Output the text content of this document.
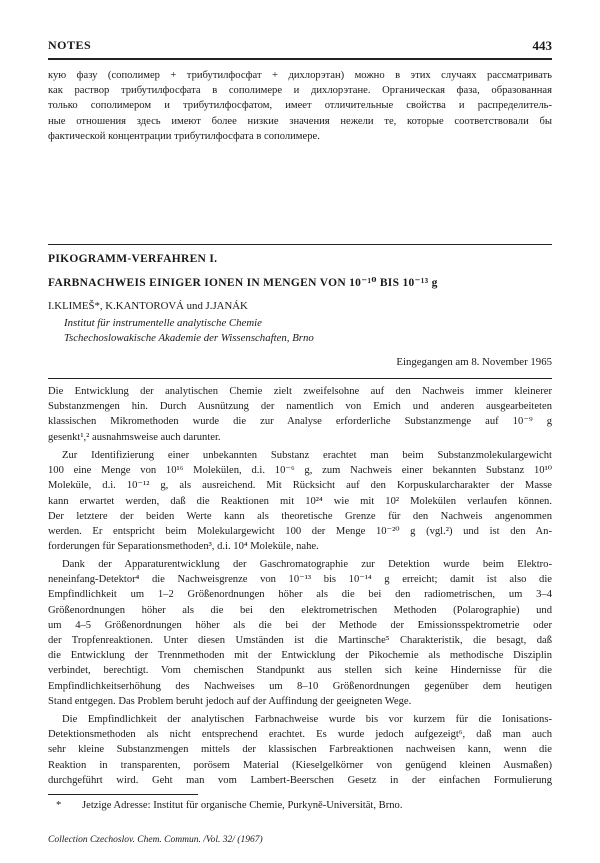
NOTES	443
кую фазу (сополимер + трибутилфосфат + дихлорэтан) можно в этих случаях рассматривать
как раствор трибутилфосфата в сополимере и дихлорэтане. Органическая фаза, образованная
только сополимером и трибутилфосфатом, имеет отличительные свойства и распределитель-
ные отношения здесь имеют более низкие значения нежели те, которые соответствовали бы
фактической концентрации трибутилфосфата в сополимере.
PIKOGRAMM-VERFAHREN I.
FARBNACHWEIS EINIGER IONEN IN MENGEN VON 10⁻¹⁰ BIS 10⁻¹³ g
I.KLIMEŠ*, K.KANTOROVÁ und J.JANÁK
Institut für instrumentelle analytische Chemie
Tschechoslowakische Akademie der Wissenschaften, Brno
Eingegangen am 8. November 1965
Die Entwicklung der analytischen Chemie zielt zweifelsohne auf den Nachweis immer kleinerer
Substanzmengen hin. Durch Ausnützung der namentlich von Emich und anderen ausgearbeiteten
klassischen Mikromethoden wurde die zur Analyse erforderliche Substanzmenge auf 10⁻⁹ g
gesenkt¹,² ausnahmsweise auch darunter.
Zur Identifizierung einer unbekannten Substanz erachtet man beim Substanzmolekulargewicht
100 eine Menge von 10¹⁶ Molekülen, d.i. 10⁻⁶ g, zum Nachweis einer bekannten Substanz 10¹⁰
Moleküle, d.i. 10⁻¹² g, als ausreichend. Mit Rücksicht auf den Korpuskularcharakter der Masse
kann erwartet werden, daß die Reaktionen mit 10²⁴ wie mit 10² Molekülen verlaufen können.
Der letztere der beiden Werte kann als theoretische Grenze für den Nachweis angenommen
werden. Er entspricht beim Molekulargewicht 100 der Menge 10⁻²⁰ g (vgl.²) und ist den An-
forderungen für Separationsmethoden³, d.i. 10⁴ Moleküle, nahe.
Dank der Apparaturentwicklung der Gaschromatographie zur Detektion wurde beim Elektro-
neneinfang-Detektor⁴ die Nachweisgrenze von 10⁻¹³ bis 10⁻¹⁴ g erreicht; damit ist also die
Empfindlichkeit um 1–2 Größenordnungen höher als die bei den radiometrischen, um 3–4
Größenordnungen höher als die bei den elektrometrischen Methoden (Polarographie) und
um 4–5 Größenordnungen höher als die bei der Methode der Emissionsspektrometrie oder
der Tropfenreaktionen. Unter diesen Umständen ist die Martinsche⁵ Charakteristik, die besagt, daß
die Entwicklung der Trennmethoden mit der Entwicklung der Pikochemie als methodische Disziplin
verbindet, berechtigt. Vom chemischen Standpunkt aus stellen sich keine Hindernisse für die
Empfindlichkeitserhöhung des Nachweises um 8–10 Größenordnungen gegenüber dem heutigen
Stand entgegen. Das Problem beruht jedoch auf der Auffindung der geeigneten Wege.
Die Empfindlichkeit der analytischen Farbnachweise wurde bis vor kurzem für die Ionisations-
Detektionsmethoden als nicht entsprechend erachtet. Es wurde jedoch aufgezeigt⁶, daß man auch
sehr kleine Substanzmengen mittels der klassischen Farbreaktionen nachweisen kann, wenn die
Reaktion in transparenten, porösem Material (Kieselgelkörner von genügend kleinen Ausmaßen)
durchgeführt wird. Geht man vom Lambert-Beerschen Gesetz in der einfachen Formulierung
* Jetzige Adresse: Institut für organische Chemie, Purkyně-Universität, Brno.
Collection Czechoslov. Chem. Commun. /Vol. 32/ (1967)
